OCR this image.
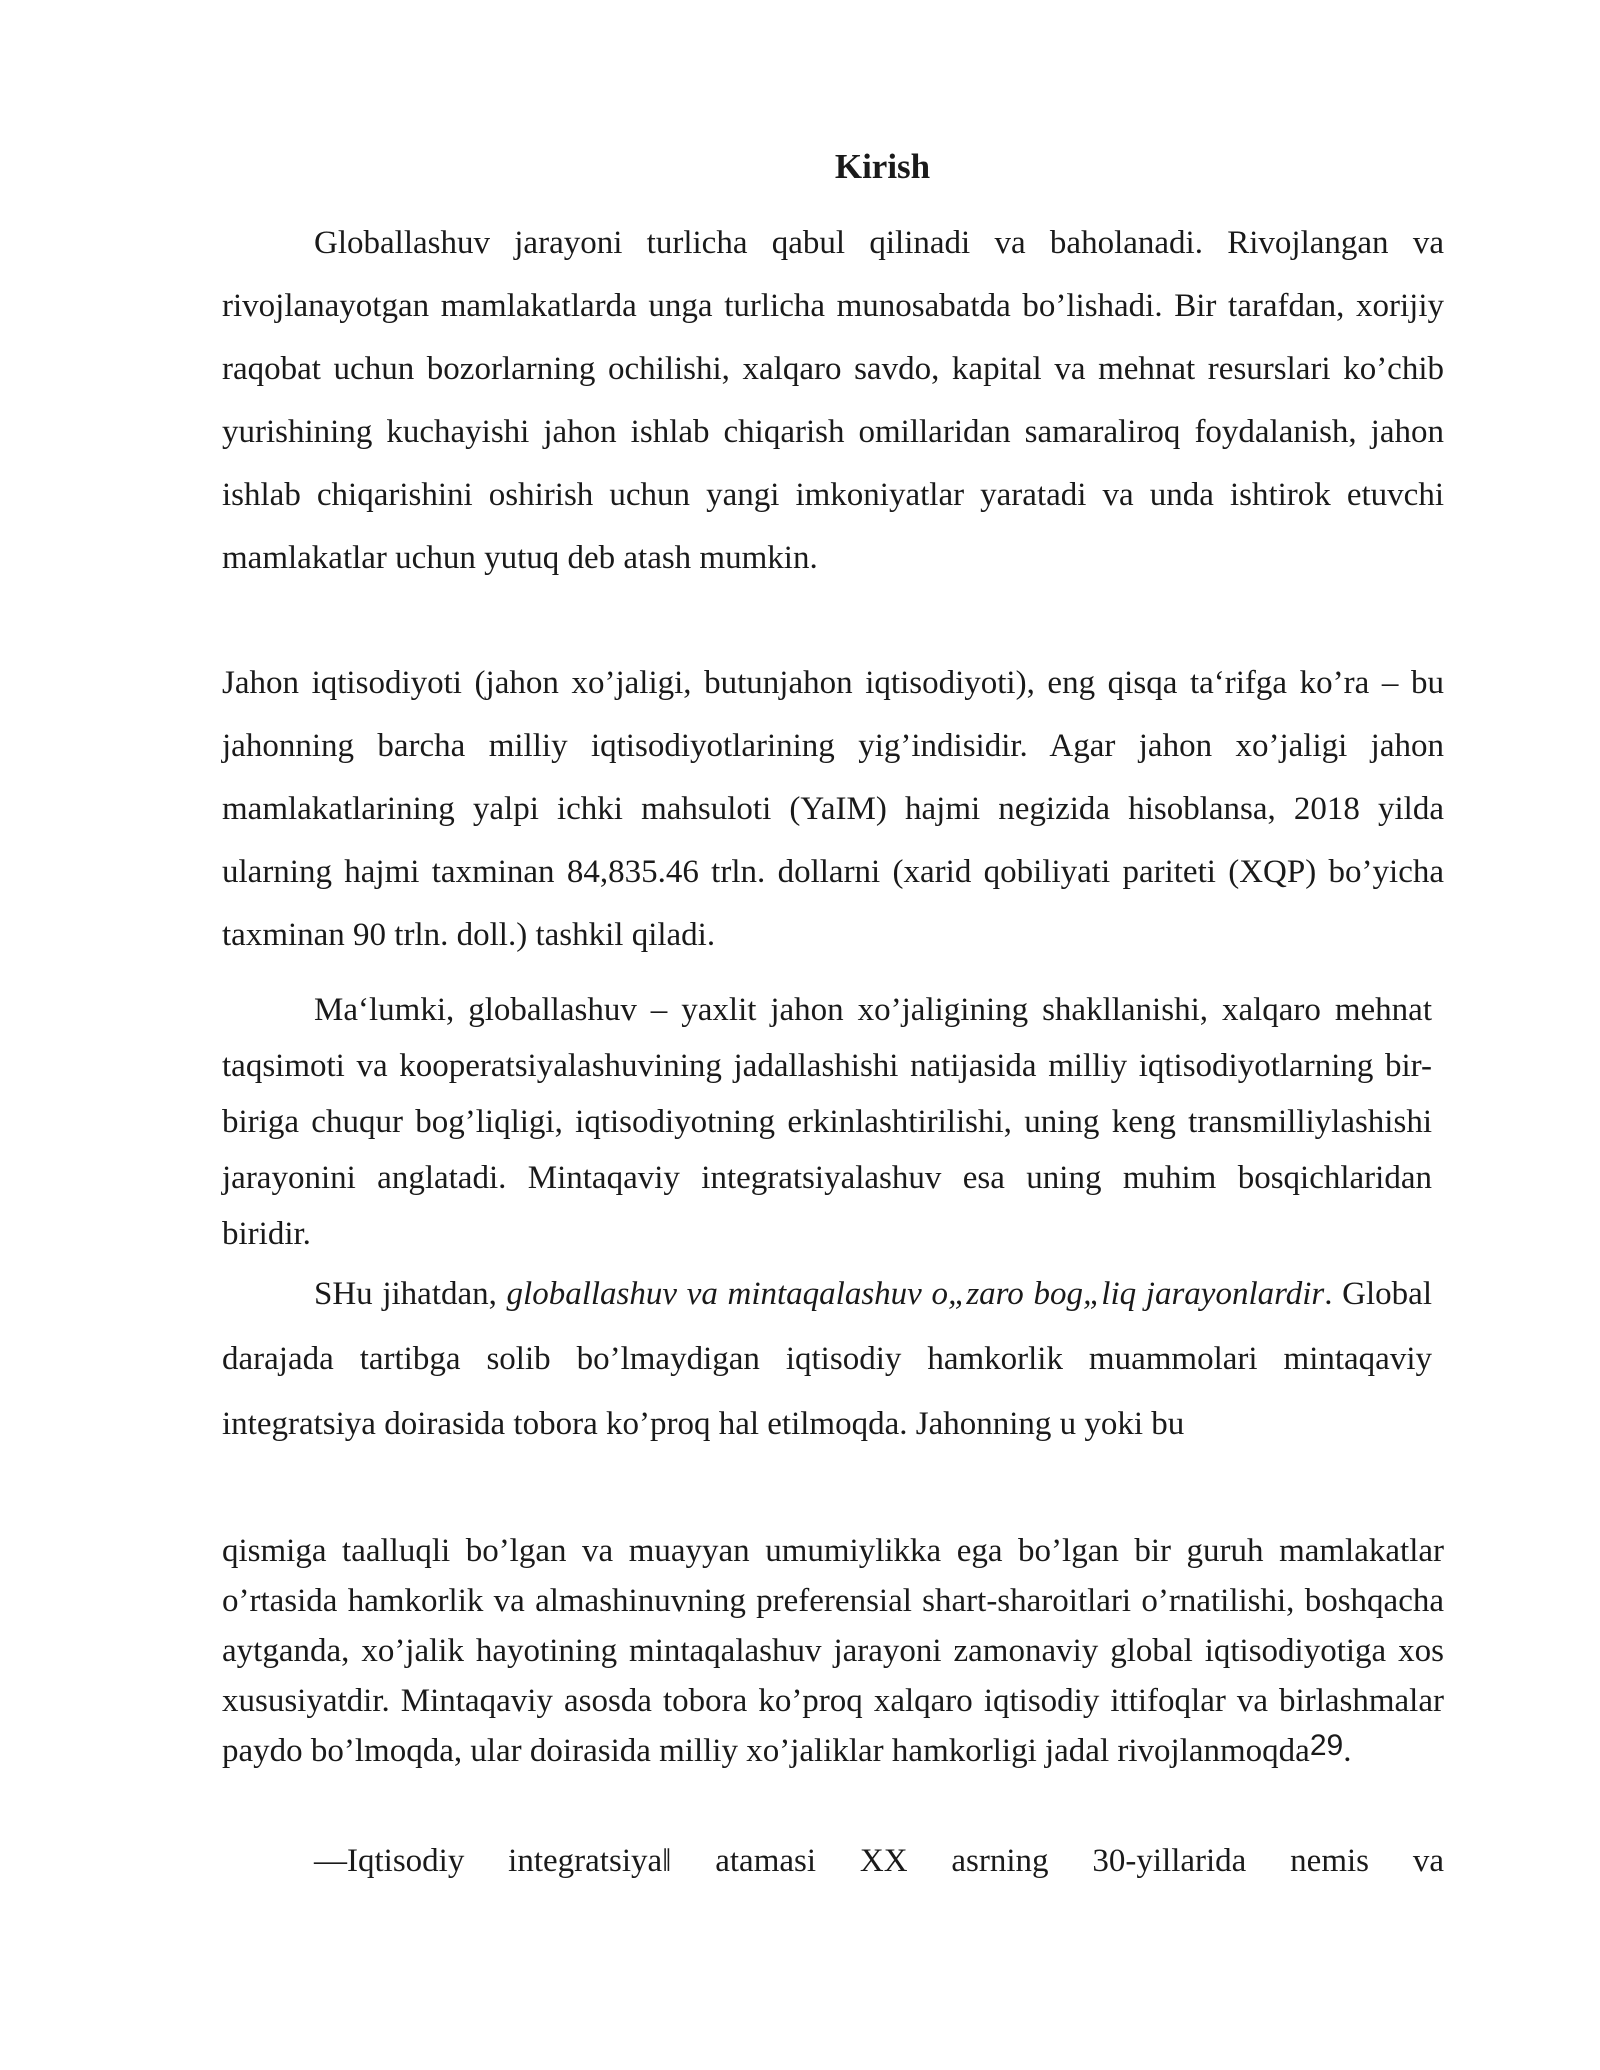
Kirish

Globallashuv jarayoni turlicha qabul qilinadi va baholanadi. Rivojlangan va rivojlanayotgan mamlakatlarda unga turlicha munosabatda bo’lishadi. Bir tarafdan, xorijiy raqobat uchun bozorlarning ochilishi, xalqaro savdo, kapital va mehnat resurslari ko’chib yurishining kuchayishi jahon ishlab chiqarish omillaridan samaraliroq foydalanish, jahon ishlab chiqarishini oshirish uchun yangi imkoniyatlar yaratadi va unda ishtirok etuvchi mamlakatlar uchun yutuq deb atash mumkin.

Jahon iqtisodiyoti (jahon xo’jaligi, butunjahon iqtisodiyoti), eng qisqa ta‘rifga ko’ra – bu jahonning barcha milliy iqtisodiyotlarining yig’indisidir. Agar jahon xo’jaligi jahon mamlakatlarining yalpi ichki mahsuloti (YaIM) hajmi negizida hisoblansa, 2018 yilda ularning hajmi taxminan 84,835.46 trln. dollarni (xarid qobiliyati pariteti (XQP) bo’yicha taxminan 90 trln. doll.) tashkil qiladi.

Ma‘lumki, globallashuv – yaxlit jahon xo’jaligining shakllanishi, xalqaro mehnat taqsimoti va kooperatsiyalashuvining jadallashishi natijasida milliy iqtisodiyotlarning bir-biriga chuqur bog’liqligi, iqtisodiyotning erkinlashtirilishi, uning keng transmilliylashishi jarayonini anglatadi. Mintaqaviy integratsiyalashuv esa uning muhim bosqichlaridan biridir.

SHu jihatdan, globallashuv va mintaqalashuv o„zaro bog„liq jarayonlardir. Global darajada tartibga solib bo’lmaydigan iqtisodiy hamkorlik muammolari mintaqaviy integratsiya doirasida tobora ko’proq hal etilmoqda. Jahonning u yoki bu

qismiga taalluqli bo’lgan va muayyan umumiylikka ega bo’lgan bir guruh mamlakatlar o’rtasida hamkorlik va almashinuvning preferensial shart-sharoitlari o’rnatilishi, boshqacha aytganda, xo’jalik hayotining mintaqalashuv jarayoni zamonaviy global iqtisodiyotiga xos xususiyatdir. Mintaqaviy asosda tobora ko’proq xalqaro iqtisodiy ittifoqlar va birlashmalar paydo bo’lmoqda, ular doirasida milliy xo’jaliklar hamkorligi jadal rivojlanmoqda$^{29}$.

―Iqtisodiy integratsiya‖ atamasi XX asrning 30-yillarida nemis va
